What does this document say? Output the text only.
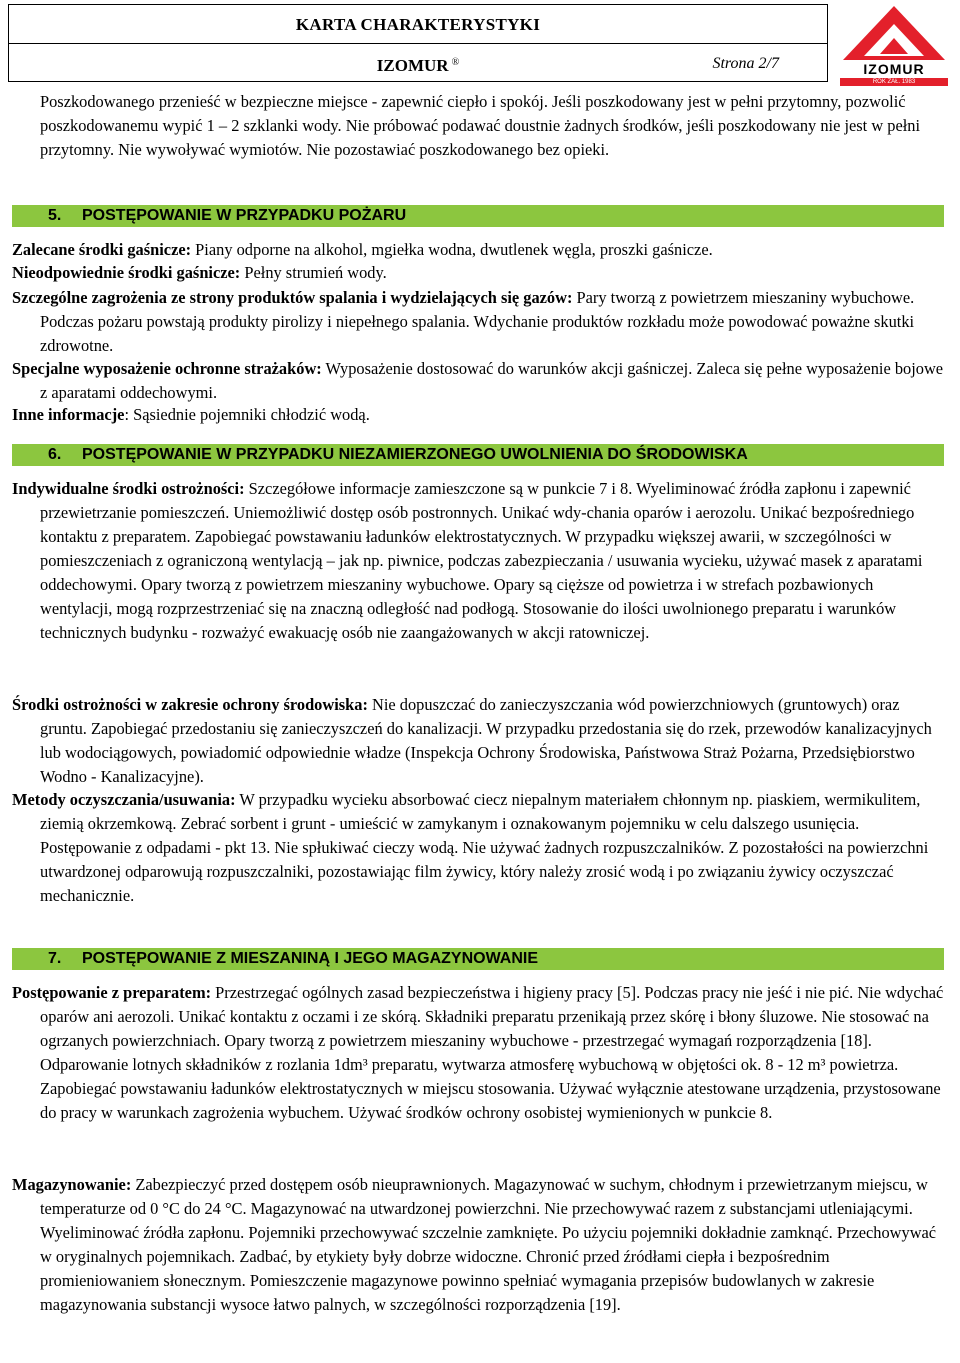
KARTA CHARAKTERYSTYKI
IZOMUR ®	Strona 2/7	IZOMUR
ROK ZAŁ. 1983

Poszkodowanego przenieść w bezpieczne miejsce - zapewnić ciepło i spokój. Jeśli poszkodowany jest w pełni przytomny, pozwolić poszkodowanemu wypić 1 – 2 szklanki wody. Nie próbować podawać doustnie żadnych środków, jeśli poszkodowany nie jest w pełni przytomny. Nie wywoływać wymiotów. Nie pozostawiać poszkodowanego bez opieki.

5. POSTĘPOWANIE W PRZYPADKU POŻARU

Zalecane środki gaśnicze: Piany odporne na alkohol, mgiełka wodna, dwutlenek węgla, proszki gaśnicze.

Nieodpowiednie środki gaśnicze: Pełny strumień wody.

Szczególne zagrożenia ze strony produktów spalania i wydzielających się gazów: Pary tworzą z powietrzem mieszaniny wybuchowe. Podczas pożaru powstają produkty pirolizy i niepełnego spalania. Wdychanie produktów rozkładu może powodować poważne skutki zdrowotne.

Specjalne wyposażenie ochronne strażaków: Wyposażenie dostosować do warunków akcji gaśniczej. Zaleca się pełne wyposażenie bojowe z aparatami oddechowymi.

Inne informacje: Sąsiednie pojemniki chłodzić wodą.

6. POSTĘPOWANIE W PRZYPADKU NIEZAMIERZONEGO UWOLNIENIA DO ŚRODOWISKA

Indywidualne środki ostrożności: Szczegółowe informacje zamieszczone są w punkcie 7 i 8. Wyeliminować źródła zapłonu i zapewnić przewietrzanie pomieszczeń. Uniemożliwić dostęp osób postronnych. Unikać wdy-chania oparów i aerozolu. Unikać bezpośredniego kontaktu z preparatem. Zapobiegać powstawaniu ładunków elektrostatycznych. W przypadku większej awarii, w szczególności w pomieszczeniach z ograniczoną wentylacją – jak np. piwnice, podczas zabezpieczania / usuwania wycieku, używać masek z aparatami oddechowymi. Opary tworzą z powietrzem mieszaniny wybuchowe. Opary są cięższe od powietrza i w strefach pozbawionych wentylacji, mogą rozprzestrzeniać się na znaczną odległość nad podłogą. Stosowanie do ilości uwolnionego preparatu i warunków technicznych budynku - rozważyć ewakuację osób nie zaangażowanych w akcji ratowniczej.

Środki ostrożności w zakresie ochrony środowiska: Nie dopuszczać do zanieczyszczania wód powierzchniowych (gruntowych) oraz gruntu. Zapobiegać przedostaniu się zanieczyszczeń do kanalizacji. W przypadku przedostania się do rzek, przewodów kanalizacyjnych lub wodociągowych, powiadomić odpowiednie władze (Inspekcja Ochrony Środowiska, Państwowa Straż Pożarna, Przedsiębiorstwo Wodno - Kanalizacyjne).

Metody oczyszczania/usuwania: W przypadku wycieku absorbować ciecz niepalnym materiałem chłonnym np. piaskiem, wermikulitem, ziemią okrzemkową. Zebrać sorbent i grunt - umieścić w zamykanym i oznakowanym pojemniku w celu dalszego usunięcia. Postępowanie z odpadami - pkt 13. Nie spłukiwać cieczy wodą. Nie używać żadnych rozpuszczalników. Z pozostałości na powierzchni utwardzonej odparowują rozpuszczalniki, pozostawiając film żywicy, który należy zrosić wodą i po związaniu żywicy oczyszczać mechanicznie.

7. POSTĘPOWANIE Z MIESZANINĄ I JEGO MAGAZYNOWANIE

Postępowanie z preparatem: Przestrzegać ogólnych zasad bezpieczeństwa i higieny pracy [5]. Podczas pracy nie jeść i nie pić. Nie wdychać oparów ani aerozoli. Unikać kontaktu z oczami i ze skórą. Składniki preparatu przenikają przez skórę i błony śluzowe. Nie stosować na ogrzanych powierzchniach. Opary tworzą z powietrzem mieszaniny wybuchowe - przestrzegać wymagań rozporządzenia [18]. Odparowanie lotnych składników z rozlania 1dm³ preparatu, wytwarza atmosferę wybuchową w objętości ok. 8 - 12 m³ powietrza. Zapobiegać powstawaniu ładunków elektrostatycznych w miejscu stosowania. Używać wyłącznie atestowane urządzenia, przystosowane do pracy w warunkach zagrożenia wybuchem. Używać środków ochrony osobistej wymienionych w punkcie 8.

Magazynowanie: Zabezpieczyć przed dostępem osób nieuprawnionych. Magazynować w suchym, chłodnym i przewietrzanym miejscu, w temperaturze od 0 °C do 24 °C. Magazynować na utwardzonej powierzchni. Nie przechowywać razem z substancjami utleniającymi. Wyeliminować źródła zapłonu. Pojemniki przechowywać szczelnie zamknięte. Po użyciu pojemniki dokładnie zamknąć. Przechowywać w oryginalnych pojemnikach. Zadbać, by etykiety były dobrze widoczne. Chronić przed źródłami ciepła i bezpośrednim promieniowaniem słonecznym. Pomieszczenie magazynowe powinno spełniać wymagania przepisów budowlanych w zakresie magazynowania substancji wysoce łatwo palnych, w szczególności rozporządzenia [19].
